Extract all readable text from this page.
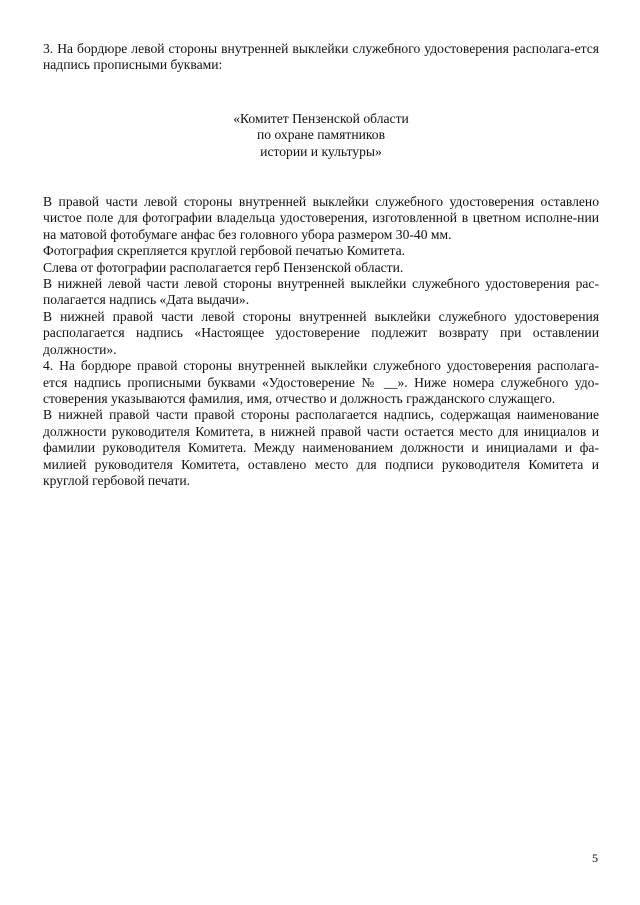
3. На бордюре левой стороны внутренней выклейки служебного удостоверения располага-ется надпись прописными буквами:

«Комитет Пензенской области
по охране памятников
истории и культуры»

В правой части левой стороны внутренней выклейки служебного удостоверения оставлено чистое поле для фотографии владельца удостоверения, изготовленной в цветном исполне-нии на матовой фотобумаге анфас без головного убора размером 30-40 мм.

Фотография скрепляется круглой гербовой печатью Комитета.

Слева от фотографии располагается герб Пензенской области.

В нижней левой части левой стороны внутренней выклейки служебного удостоверения рас-полагается надпись «Дата выдачи».

В нижней правой части левой стороны внутренней выклейки служебного удостоверения располагается надпись «Настоящее удостоверение подлежит возврату при оставлении должности».

4. На бордюре правой стороны внутренней выклейки служебного удостоверения располага-ется надпись прописными буквами «Удостоверение № __». Ниже номера служебного удо-стоверения указываются фамилия, имя, отчество и должность гражданского служащего.

В нижней правой части правой стороны располагается надпись, содержащая наименование должности руководителя Комитета, в нижней правой части остается место для инициалов и фамилии руководителя Комитета. Между наименованием должности и инициалами и фа-милией руководителя Комитета, оставлено место для подписи руководителя Комитета и круглой гербовой печати.

5
